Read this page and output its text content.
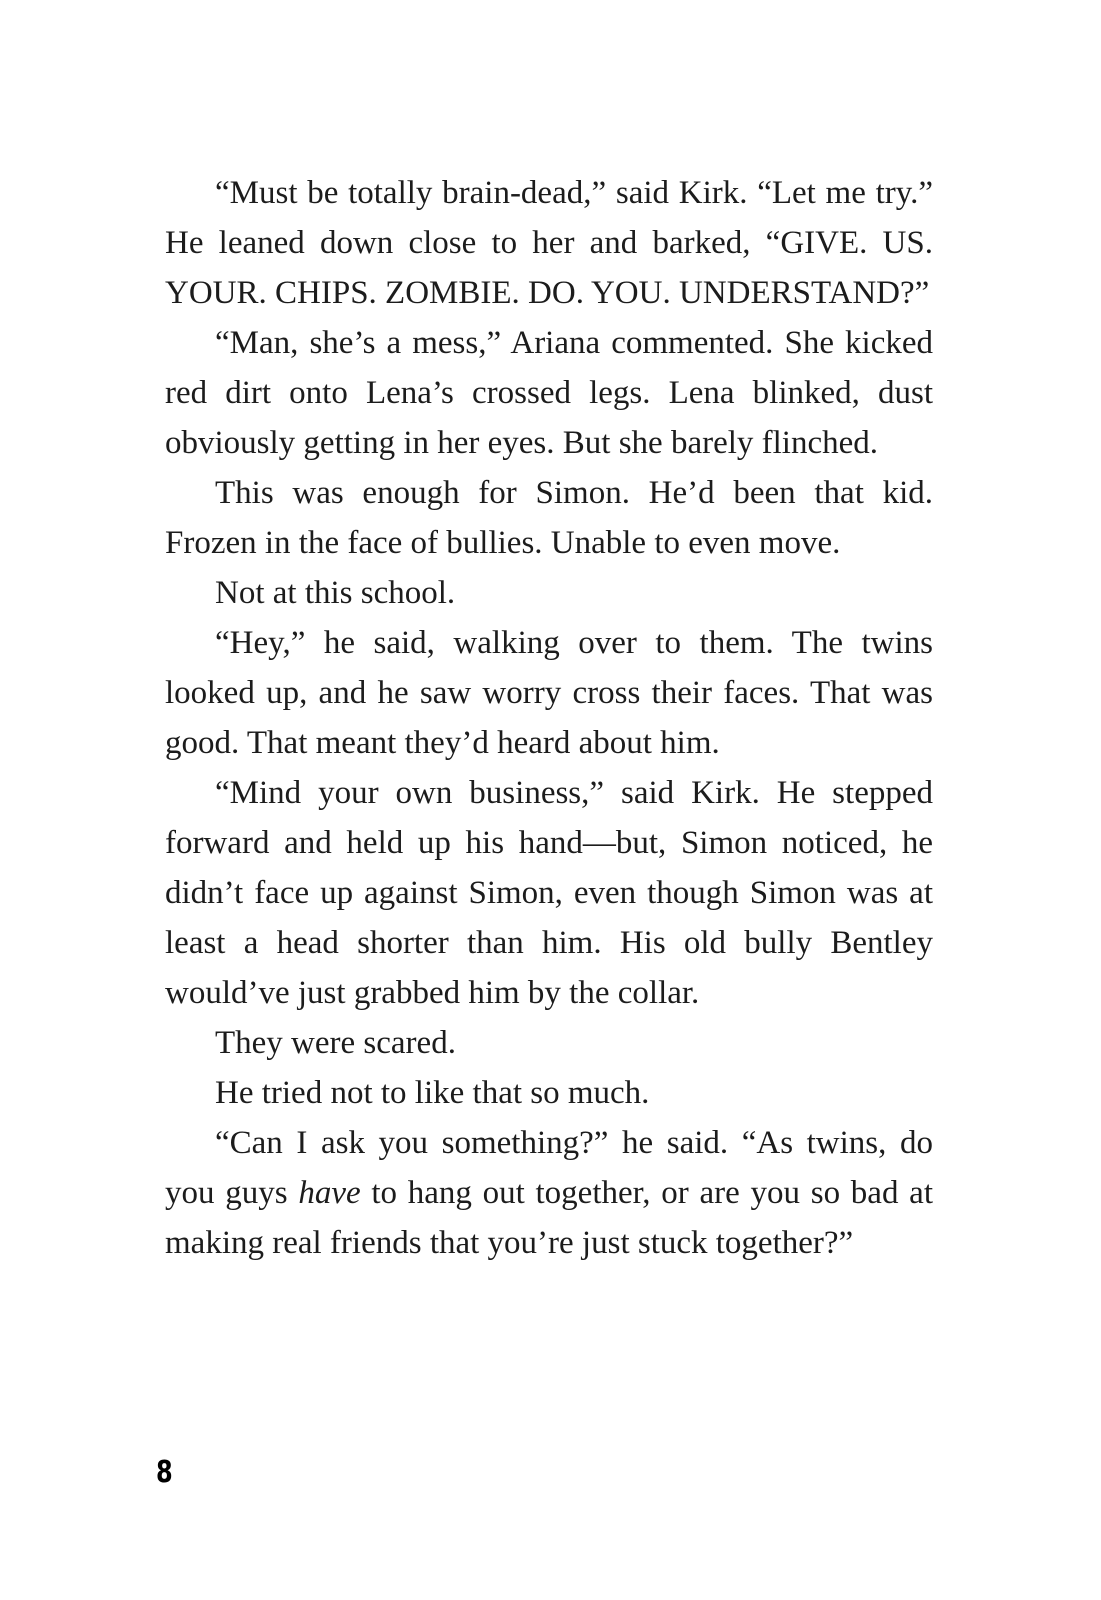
“Must be totally brain-dead,” said Kirk. “Let me try.” He leaned down close to her and barked, “GIVE. US. YOUR. CHIPS. ZOMBIE. DO. YOU. UNDERSTAND?”

“Man, she’s a mess,” Ariana commented. She kicked red dirt onto Lena’s crossed legs. Lena blinked, dust obviously getting in her eyes. But she barely flinched.

This was enough for Simon. He’d been that kid. Frozen in the face of bullies. Unable to even move.

Not at this school.

“Hey,” he said, walking over to them. The twins looked up, and he saw worry cross their faces. That was good. That meant they’d heard about him.

“Mind your own business,” said Kirk. He stepped forward and held up his hand—but, Simon noticed, he didn’t face up against Simon, even though Simon was at least a head shorter than him. His old bully Bentley would’ve just grabbed him by the collar.

They were scared.

He tried not to like that so much.

“Can I ask you something?” he said. “As twins, do you guys have to hang out together, or are you so bad at making real friends that you’re just stuck together?”

8
